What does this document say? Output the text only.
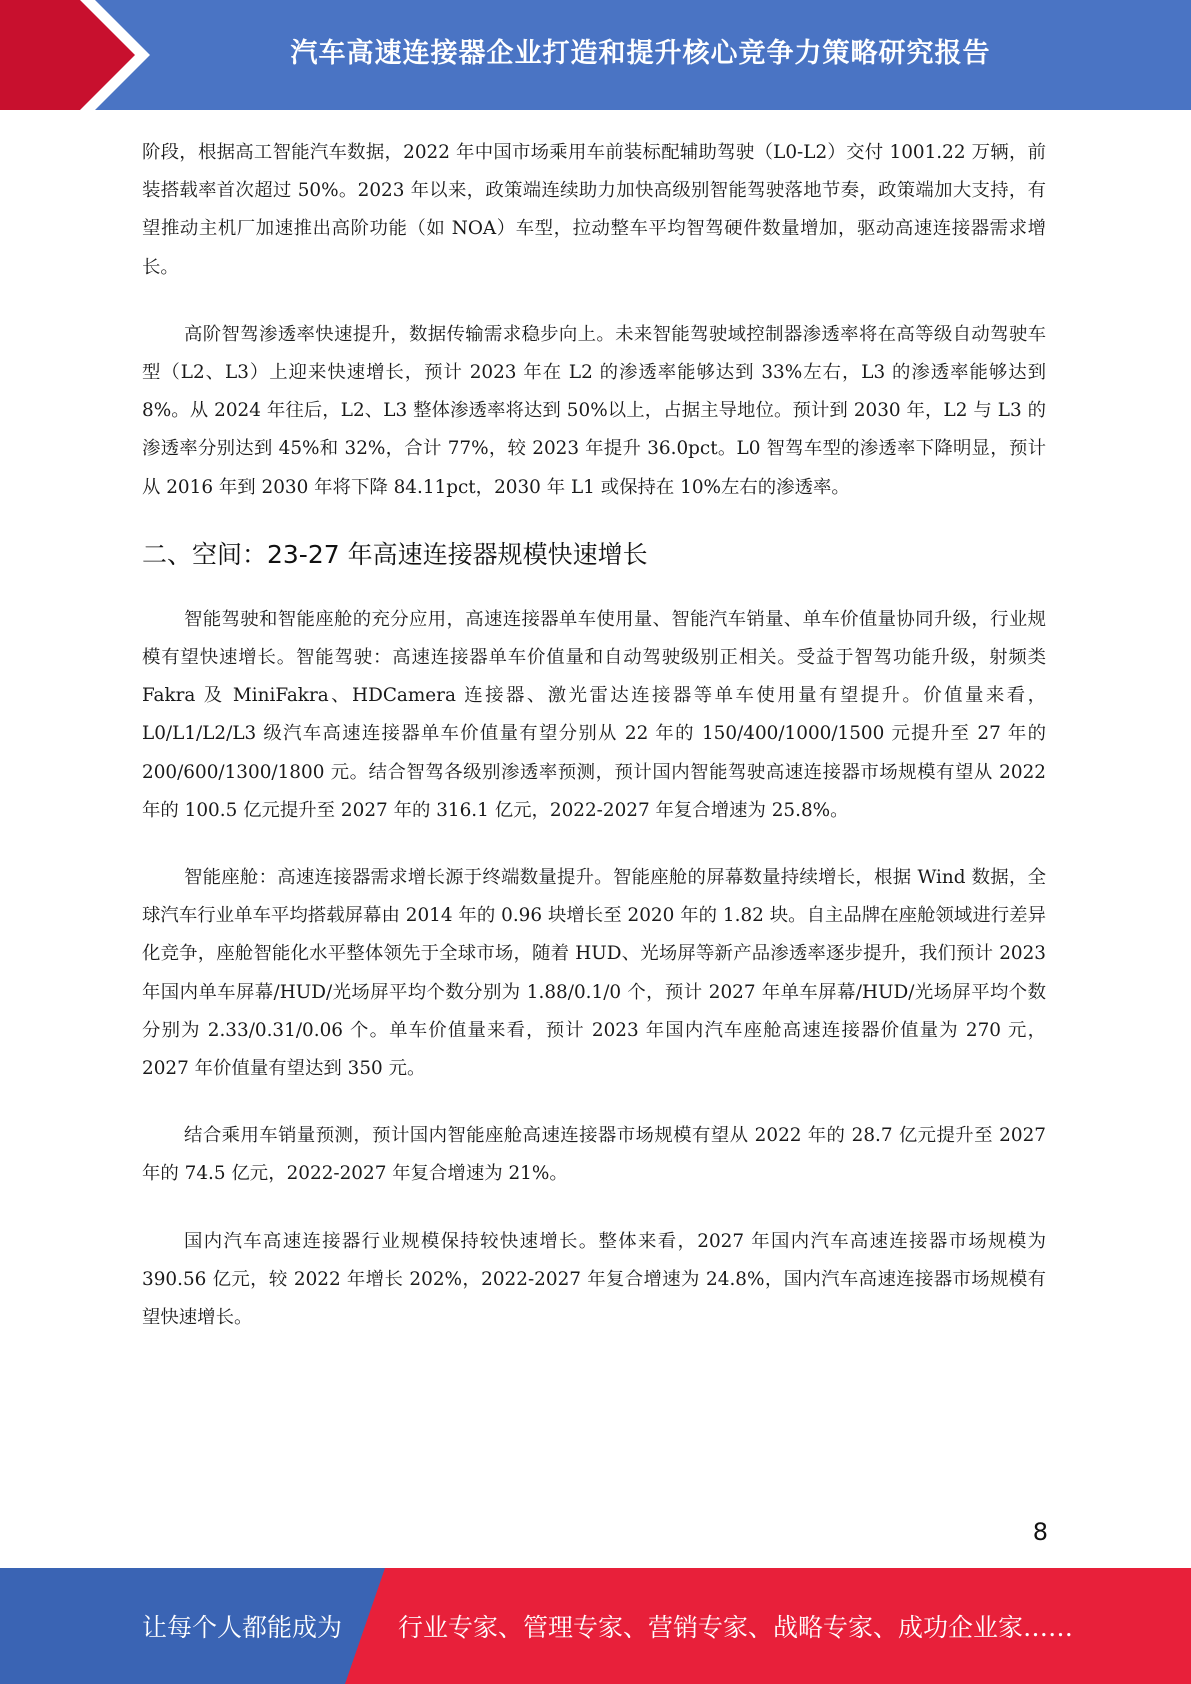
汽车高速连接器企业打造和提升核心竞争力策略研究报告

阶段，根据高工智能汽车数据，2022 年中国市场乘用车前装标配辅助驾驶（L0-L2）交付 1001.22 万辆，前装搭载率首次超过 50%。2023 年以来，政策端连续助力加快高级别智能驾驶落地节奏，政策端加大支持，有望推动主机厂加速推出高阶功能（如 NOA）车型，拉动整车平均智驾硬件数量增加，驱动高速连接器需求增长。

高阶智驾渗透率快速提升，数据传输需求稳步向上。未来智能驾驶域控制器渗透率将在高等级自动驾驶车型（L2、L3）上迎来快速增长，预计 2023 年在 L2 的渗透率能够达到 33%左右，L3 的渗透率能够达到 8%。从 2024 年往后，L2、L3 整体渗透率将达到 50%以上，占据主导地位。预计到 2030 年，L2 与 L3 的渗透率分别达到 45%和 32%，合计 77%，较 2023 年提升 36.0pct。L0 智驾车型的渗透率下降明显，预计从 2016 年到 2030 年将下降 84.11pct，2030 年 L1 或保持在 10%左右的渗透率。

二、空间：23-27 年高速连接器规模快速增长

智能驾驶和智能座舱的充分应用，高速连接器单车使用量、智能汽车销量、单车价值量协同升级，行业规模有望快速增长。智能驾驶：高速连接器单车价值量和自动驾驶级别正相关。受益于智驾功能升级，射频类 Fakra 及 MiniFakra、HDCamera 连接器、激光雷达连接器等单车使用量有望提升。价值量来看，L0/L1/L2/L3 级汽车高速连接器单车价值量有望分别从 22 年的 150/400/1000/1500 元提升至 27 年的 200/600/1300/1800 元。结合智驾各级别渗透率预测，预计国内智能驾驶高速连接器市场规模有望从 2022 年的 100.5 亿元提升至 2027 年的 316.1 亿元，2022-2027 年复合增速为 25.8%。

智能座舱：高速连接器需求增长源于终端数量提升。智能座舱的屏幕数量持续增长，根据 Wind 数据，全球汽车行业单车平均搭载屏幕由 2014 年的 0.96 块增长至 2020 年的 1.82 块。自主品牌在座舱领域进行差异化竞争，座舱智能化水平整体领先于全球市场，随着 HUD、光场屏等新产品渗透率逐步提升，我们预计 2023 年国内单车屏幕/HUD/光场屏平均个数分别为 1.88/0.1/0 个，预计 2027 年单车屏幕/HUD/光场屏平均个数分别为 2.33/0.31/0.06 个。单车价值量来看，预计 2023 年国内汽车座舱高速连接器价值量为 270 元，2027 年价值量有望达到 350 元。

结合乘用车销量预测，预计国内智能座舱高速连接器市场规模有望从 2022 年的 28.7 亿元提升至 2027 年的 74.5 亿元，2022-2027 年复合增速为 21%。

国内汽车高速连接器行业规模保持较快速增长。整体来看，2027 年国内汽车高速连接器市场规模为 390.56 亿元，较 2022 年增长 202%，2022-2027 年复合增速为 24.8%，国内汽车高速连接器市场规模有望快速增长。

8
让每个人都能成为 行业专家、管理专家、营销专家、战略专家、成功企业家……
